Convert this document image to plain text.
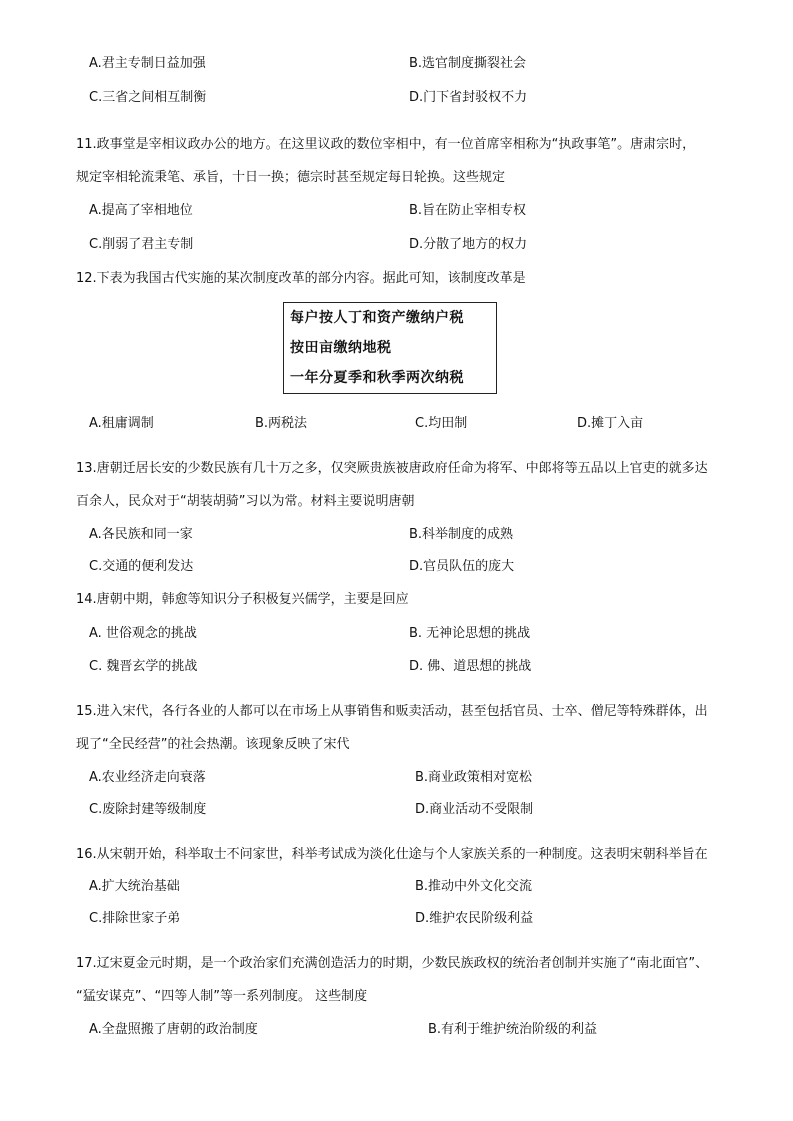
A.君主专制日益加强	B.选官制度撕裂社会
C.三省之间相互制衡	D.门下省封驳权不力
11.政事堂是宰相议政办公的地方。在这里议政的数位宰相中，有一位首席宰相称为“执政事笔”。唐肃宗时，
规定宰相轮流秉笔、承旨，十日一换；德宗时甚至规定每日轮换。这些规定
A.提高了宰相地位	B.旨在防止宰相专权
C.削弱了君主专制	D.分散了地方的权力
12.下表为我国古代实施的某次制度改革的部分内容。据此可知，该制度改革是
每户按人丁和资产缴纳户税
按田亩缴纳地税
一年分夏季和秋季两次纳税
A.租庸调制	B.两税法	C.均田制	D.摊丁入亩
13.唐朝迁居长安的少数民族有几十万之多，仅突厥贵族被唐政府任命为将军、中郎将等五品以上官吏的就多达
百余人，民众对于“胡装胡骑”习以为常。材料主要说明唐朝
A.各民族和同一家	B.科举制度的成熟
C.交通的便利发达	D.官员队伍的庞大
14.唐朝中期，韩愈等知识分子积极复兴儒学，主要是回应
A. 世俗观念的挑战	B. 无神论思想的挑战
C. 魏晋玄学的挑战	D. 佛、道思想的挑战
15.进入宋代，各行各业的人都可以在市场上从事销售和贩卖活动，甚至包括官员、士卒、僧尼等特殊群体，出
现了“全民经营”的社会热潮。该现象反映了宋代
A.农业经济走向衰落	B.商业政策相对宽松
C.废除封建等级制度	D.商业活动不受限制
16.从宋朝开始，科举取士不问家世，科举考试成为淡化仕途与个人家族关系的一种制度。这表明宋朝科举旨在
A.扩大统治基础	B.推动中外文化交流
C.排除世家子弟	D.维护农民阶级利益
17.辽宋夏金元时期，是一个政治家们充满创造活力的时期，少数民族政权的统治者创制并实施了“南北面官”、
“猛安谋克”、“四等人制”等一系列制度。 这些制度
A.全盘照搬了唐朝的政治制度	B.有利于维护统治阶级的利益
